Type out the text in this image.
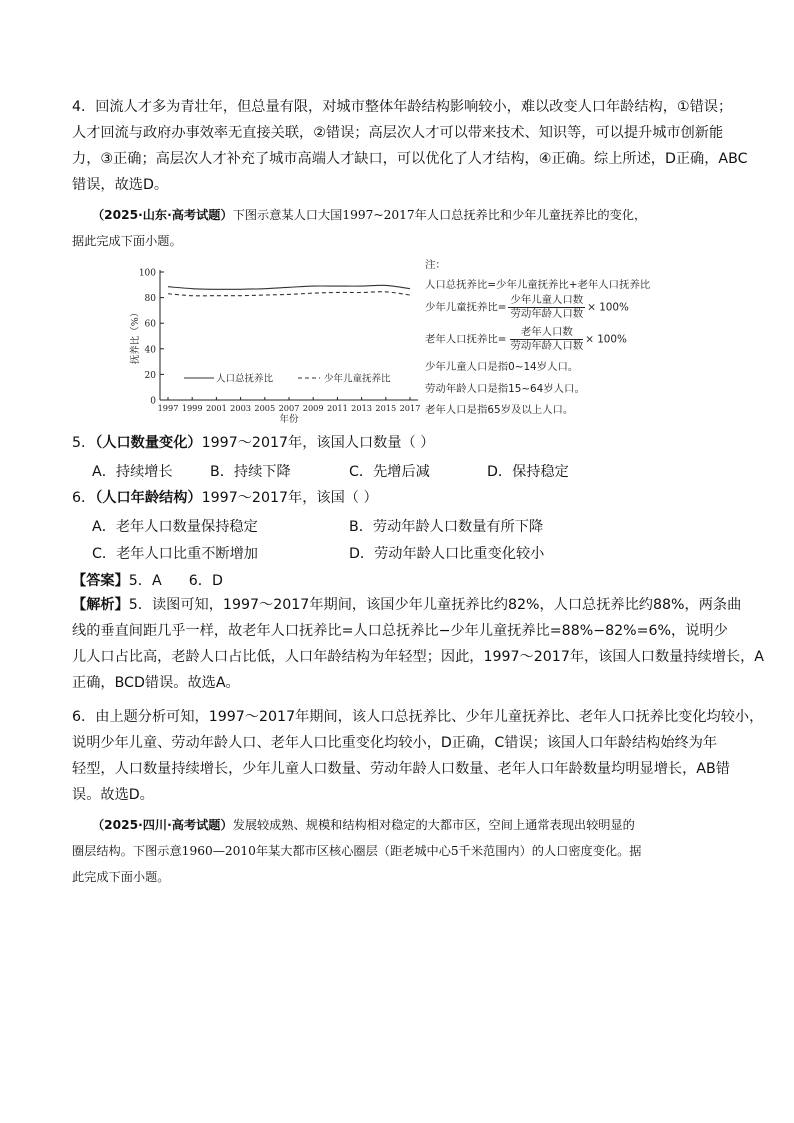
4．回流人才多为青壮年，但总量有限，对城市整体年龄结构影响较小，难以改变人口年龄结构，①错误；
人才回流与政府办事效率无直接关联，②错误；高层次人才可以带来技术、知识等，可以提升城市创新能
力，③正确；高层次人才补充了城市高端人才缺口，可以优化了人才结构，④正确。综上所述，D正确，ABC
错误，故选D。
（2025·山东·高考试题）下图示意某人口大国1997~2017年人口总抚养比和少年儿童抚养比的变化，
据此完成下面小题。
0
20
40
60
80
100
1997 1999 2001 2003 2005 2007 2009 2011 2013 2015 2017
年份
抚养比（%）
人口总抚养比	少年儿童抚养比
注：
人口总抚养比=少年儿童抚养比+老年人口抚养比
少年儿童抚养比= $\frac{\text{少年儿童人口数}}{\text{劳动年龄人口数}} \times 100\%$
老年人口抚养比= $\frac{\text{老年人口数}}{\text{劳动年龄人口数}} \times 100\%$
少年儿童人口是指0~14岁人口。
劳动年龄人口是指15~64岁人口。
老年人口是指65岁及以上人口。
5．（人口数量变化）1997～2017年，该国人口数量（ ）
A．持续增长	B．持续下降	C．先增后减	D．保持稳定
6．（人口年龄结构）1997～2017年，该国（ ）
A．老年人口数量保持稳定	B．劳动年龄人口数量有所下降
C．老年人口比重不断增加	D．劳动年龄人口比重变化较小
【答案】5．A      6．D
【解析】5．读图可知，1997～2017年期间，该国少年儿童抚养比约82%，人口总抚养比约88%，两条曲
线的垂直间距几乎一样，故老年人口抚养比=人口总抚养比−少年儿童抚养比=88%−82%=6%，说明少
儿人口占比高，老龄人口占比低，人口年龄结构为年轻型；因此，1997～2017年，该国人口数量持续增长，A
正确，BCD错误。故选A。
6．由上题分析可知，1997～2017年期间，该人口总抚养比、少年儿童抚养比、老年人口抚养比变化均较小，
说明少年儿童、劳动年龄人口、老年人口比重变化均较小，D正确，C错误；该国人口年龄结构始终为年
轻型，人口数量持续增长，少年儿童人口数量、劳动年龄人口数量、老年人口年龄数量均明显增长，AB错
误。故选D。
（2025·四川·高考试题）发展较成熟、规模和结构相对稳定的大都市区，空间上通常表现出较明显的
圈层结构。下图示意1960—2010年某大都市区核心圈层（距老城中心5千米范围内）的人口密度变化。据
此完成下面小题。
